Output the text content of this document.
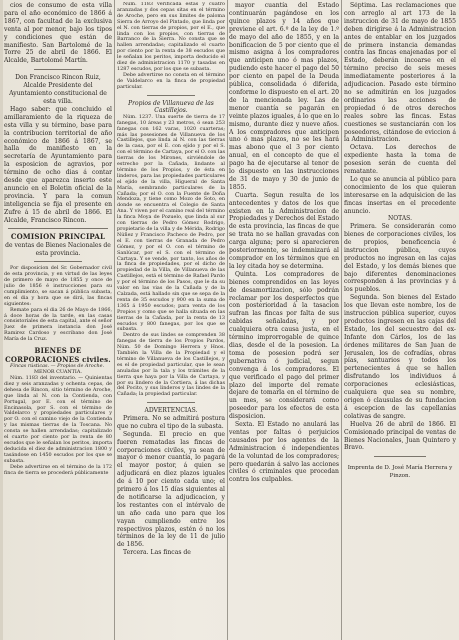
cios de consumo de esta villa para el año económico de 1866 á 1867, con facultad de la exclusiva venta al por menor, bajo los tipos y condiciones que están de manifiesto. San Bartolomé de la Torre 25 de abril de 1866. El Alcalde, Bartolomé Martín.

Don Francisco Rincon Ruiz, Alcalde Presidente del Ayuntamiento constitucional de esta villa.

Hago saber: que concluido el amillaramiento de la riqueza de esta villa y su término, base para la contribucion territorial de año económico de 1866 á 1867, se halla de manifiesto en la secretaría de Ayuntamiento para la esposicion de agravios, por término de ocho dias á contar desde que aparezca inserto este anuncio en el Boletin oficial de la provincia. Y para la comun inteligencia se fija el presente en Zufre á 15 de abril de 1866. El Alcalde, Francisco Rincon.

COMISION PRINCIPAL

de ventas de Bienes Nacionales de esta provincia.

Por disposicion del Sr. Gobernador civil de esta provincia, y en virtud de las leyes de primero de mayo de 1855 y once de julio de 1856 é instrucciones para su cumplimiento, se sacan á pública subasta, en el dia y hora que se dirá, las fincas siguientes:

Remate para el dia 26 de Mayo de 1866, á doce horas de la tarde, en las casas consistoriales de esta capital, ante el señor Juez de primera instancia don José Ramirez Cardoso y escribano don José María de la Cruz.

BIENES DE CORPORACIONES civiles.

Fincas rústicas. — Propios de Aroche.

MENOR CUANTIA.

Núm. 1183 del inventario. — Quinientas diez y seis aranzadas y ochenta cepas, de dehesa de Rincon, sitio término de Aroche, que linda al N. con la Contienda, con Portugal, por E. con el término de Encinasola, por S. con el término de Valdelarco y propiedades particulares y por O. con el camino viejo de la Contienda y las mismas tierras de la Toscana. No consta se hallen arrendadas; capitalizado el cuarto por ciento por la renta de 80 escudos que le señalan los peritos, importa deducida el diez de administracion 1800 y tasándose en 1450 escudos por los que se subasta.

Debe advertirse en el término de la 172 finca de tierra se procederá públicamente

Núm. 1183 verificada estas y cuatro aranzadas y dos cepas sitas en el término de Aroche, pero en sus limites de paloma Sierra de Arroyo del Pintado, que linda por el N. con tierras de propios, por el E., que linda con los propios, con tierras de Barranco de la Sierra. No consta que se hallen arrendadas; capitalizado el cuarto por ciento por la renta de 38 escudos que le señalan los peritos, importa deducido el diez de administracion 1170 y tasadas en 1287 escudos, por los que se subasta.

Debe advertirse no consta en el término de Valdelarco en la finca de propiedad particular.

Propios de Villanueva de las Castillejos.

Núm. 1237. Una suerte de tierra de 17 fanegas, 10 áreas y 23 metros, ó sean 253 fanegas con 162 varas, 1020 cuarteras; más las posesiones de Villanueva de los Castillejos, que linda al N. con las tierras de la casa, por el E. con ejido y por el S. con el término de Cartaya, por el O. con las tierras de los Mirones, sirviéndole de estrecho por la Cañada, lindante al término de los Propios, y de ésta en linderos, para las propiedades particulares el ejido de la villa, Higueral de Santa María, sembrando particulares de la Cañada; por el O. con la Fuente de Doña Mendoza, y tiene como Mozo de Soto, en donde se encuentra el Colegio de Santa Ana. Y viven por el camino real del término la finca Moya de Pozuelo, que linda al sur con tierras de Pedro Gómez Rodrigo, propietario de la villa y de Mérida, Rodrigo Núñez y Francisco Pacheco de Pedro, por el E. con tierras de Granada de Pedro Gómez, y por el O. con el término de Sanlúcar, por el S. con el término de Cartaya. Y se vende, por tanto, los años de la finca de propiedades, por el dicho de propiedad de la Villa, de Villanueva de las Castillejos, está el término de Rafael Pardo y por el término de los Pasos, que le da su valor en las vias de la Cañada y de la Calzada, está hallado sin que se sepa de la renta de 35 escudos y 900 en la suma de 1365 á 1950 escudos; para venta de los Propios y como que se halla situada en las tierras de la Cañada, por la renta de 13 escudos y 800 fanegas, por los que se subasta.

Dentro de sus lindes se comprenden 38 fanegas de tierra de los Propios Pardos, Núm. 50 de Domingo Herrera y Hnos. También la Villa de la Propiedad y el término de Villanueva de los Castillejos, y es el de propiedad particular, que le sean anuladas por la tala y los trámites de la tierra que haya por la Villa de Cartaya, y por su lindero de la Cortiera, á las dichas del Pocito, y sus linderos y las lindes de la Cañada; la propiedad particular.

ADVERTENCIAS.

Primera. No se admitirá postura que no cubra el tipo de la subasta.

Segunda. El precio en que fueren rematadas las fincas de corporaciones civiles, ya sean de mayor ó menor cuantía, lo pagará el mayor postor, á quien se adjudicará en diez plazos iguales de á 10 por ciento cada uno; el primero á los 15 días siguientes al de notificarse la adjudicacion, y los restantes con el intérvalo de un año cada uno para que los vayan cumpliendo entre los respectivos plazos, estén ó no los términos de la ley de 11 de julio de 1856.

Tercera. Las fincas de

mayor cuantía del Estado continuarán pagándose en los quince plazos y 14 años que previene el art. 6.º de la ley de 1.º de mayo del año de 1855, y en la bonificacion de 5 por ciento que el mismo asigna á los compradores que anticipen uno ó mas plazos, pudiendo este hacer el pago del 50 por ciento en papel de la Deuda pública, consolidada ó diferida, conforme lo dispuesto en el art. 20 de la mencionada ley. Las de menor cuantía se pagarán en veinte plazos iguales, á lo que en lo mismo, durante diez y nueve años. A los compradores que anticipen uno ó mas plazos, no se les hará mas abono que el 3 por ciento anual, en el concepto de que el pago ha de ejecutarse al tenor de lo dispuesto en las instrucciones de 31 de mayo y 30 de junio de 1855.

Cuarta. Segun resulta de los antecedentes y datos de los que existen en la Administracion de Propiedades y Derechos del Estado de esta provincia, las fincas de que se trata no se hallan gravadas con carga alguna; pero si aparecieren posteriormente, se indemnizará al comprador en los términos que en la ley citada hoy se determina.

Quinta. Los compradores de bienes comprendidos en las leyes de desamortizacion, sólo podrán reclamar por los desperfectos que con posterioridad á la tasacion sufran las fincas por falta de sus cabidas señaladas, y por cualquiera otra causa justa, en el término improrrogable de quince dias, desde el de la posesion. La toma de posesion podrá ser gubernativa ó judicial, segun convenga á los compradores. El que verificado el pago del primer plazo del importe del remate dejare de tomarla en el término de un mes, se considerará como poseedor para los efectos de esta disposicion.

Sexta. El Estado no anulará las ventas por faltas ó perjuicios causados por los agentes de la Administracion é independientes de la voluntad de los compradores; pero quedarán á salvo las acciones civiles ó criminales que procedan contra los culpables.

Séptima. Las reclamaciones que con arreglo al art 173 de la instruccion de 31 de mayo de 1855 deben dirigirse á la Administracion antes de entablar en los juzgados de primera instancia demandas contra las fincas enajenadas por el Estado, deberán incoarse en el término preciso de seis meses inmediatamente posteriores á la adjudicacion. Pasado este término no se admitirán en los juzgados ordinarios las acciones de propiedad ó de otros derechos reales sobre las fincas. Estas cuestiones se sustanciarán con los poseedores, citándose de eviccion á la Administracion.

Octava. Los derechos de expediente hasta la toma de posesion serán de cuenta del rematante.

Lo que se anuncia al público para conocimiento de los que quieran interesarse en la adquisicion de las fincas insertas en el precedente anuncio.

NOTAS.

Primera. Se considerarán como bienes de corporaciones civiles, los de propios, beneficencia é instruccion pública, cuyos productos no ingresan en las cajas del Estado, y los demás bienes que bajo diferentes denominaciones corresponden á las provincias y á los pueblos.

Segunda. Son bienes del Estado los que llevan este nombre, los de instruccion pública superior, cuyos productos ingresen en las cajas del Estado, los del secuestro del ex-Infante don Cárlos, los de las órdenes militares de San Juan de Jerusalen, los de cofradías, obras pías, santuarios y todos los pertenecientes á que se hallen disfrutando los individuos á corporaciones eclesiásticas, cualquiera que sea su nombre, origen ó clausulas de su fundacion á escepcion de las capellanías colativas de sangre.

Huelva 26 de abril de 1866. El Comisionado principal de ventas de Bienes Nacionales, Juan Quintero y Bravo.

Imprenta de D. José María Herrera y Pinzon.
